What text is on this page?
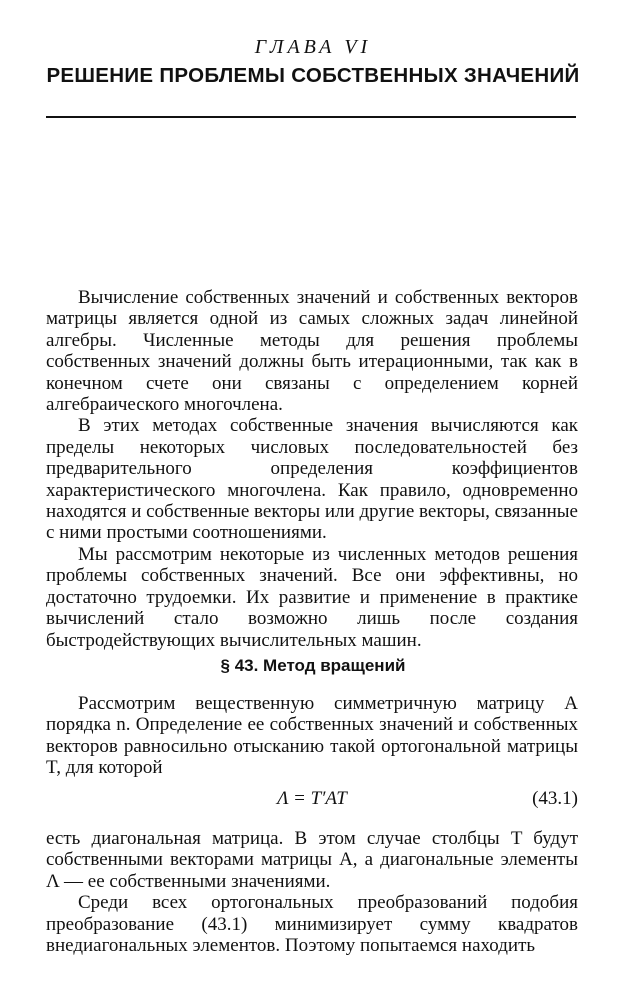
ГЛАВА VI
РЕШЕНИЕ ПРОБЛЕМЫ СОБСТВЕННЫХ ЗНАЧЕНИЙ

Вычисление собственных значений и собственных векторов матрицы является одной из самых сложных задач линейной алгебры. Численные методы для решения проблемы собственных значений должны быть итерационными, так как в конечном счете они связаны с определением корней алгебраического многочлена.

В этих методах собственные значения вычисляются как пределы некоторых числовых последовательностей без предварительного определения коэффициентов характеристического многочлена. Как правило, одновременно находятся и собственные векторы или другие векторы, связанные с ними простыми соотношениями.

Мы рассмотрим некоторые из численных методов решения проблемы собственных значений. Все они эффективны, но достаточно трудоемки. Их развитие и применение в практике вычислений стало возможно лишь после создания быстродействующих вычислительных машин.

§ 43. Метод вращений

Рассмотрим вещественную симметричную матрицу A порядка n. Определение ее собственных значений и собственных векторов равносильно отысканию такой ортогональной матрицы T, для которой

Λ = T′AT	(43.1)

есть диагональная матрица. В этом случае столбцы T будут собственными векторами матрицы A, а диагональные элементы Λ — ее собственными значениями.

Среди всех ортогональных преобразований подобия преобразование (43.1) минимизирует сумму квадратов внедиагональных элементов. Поэтому попытаемся находить
